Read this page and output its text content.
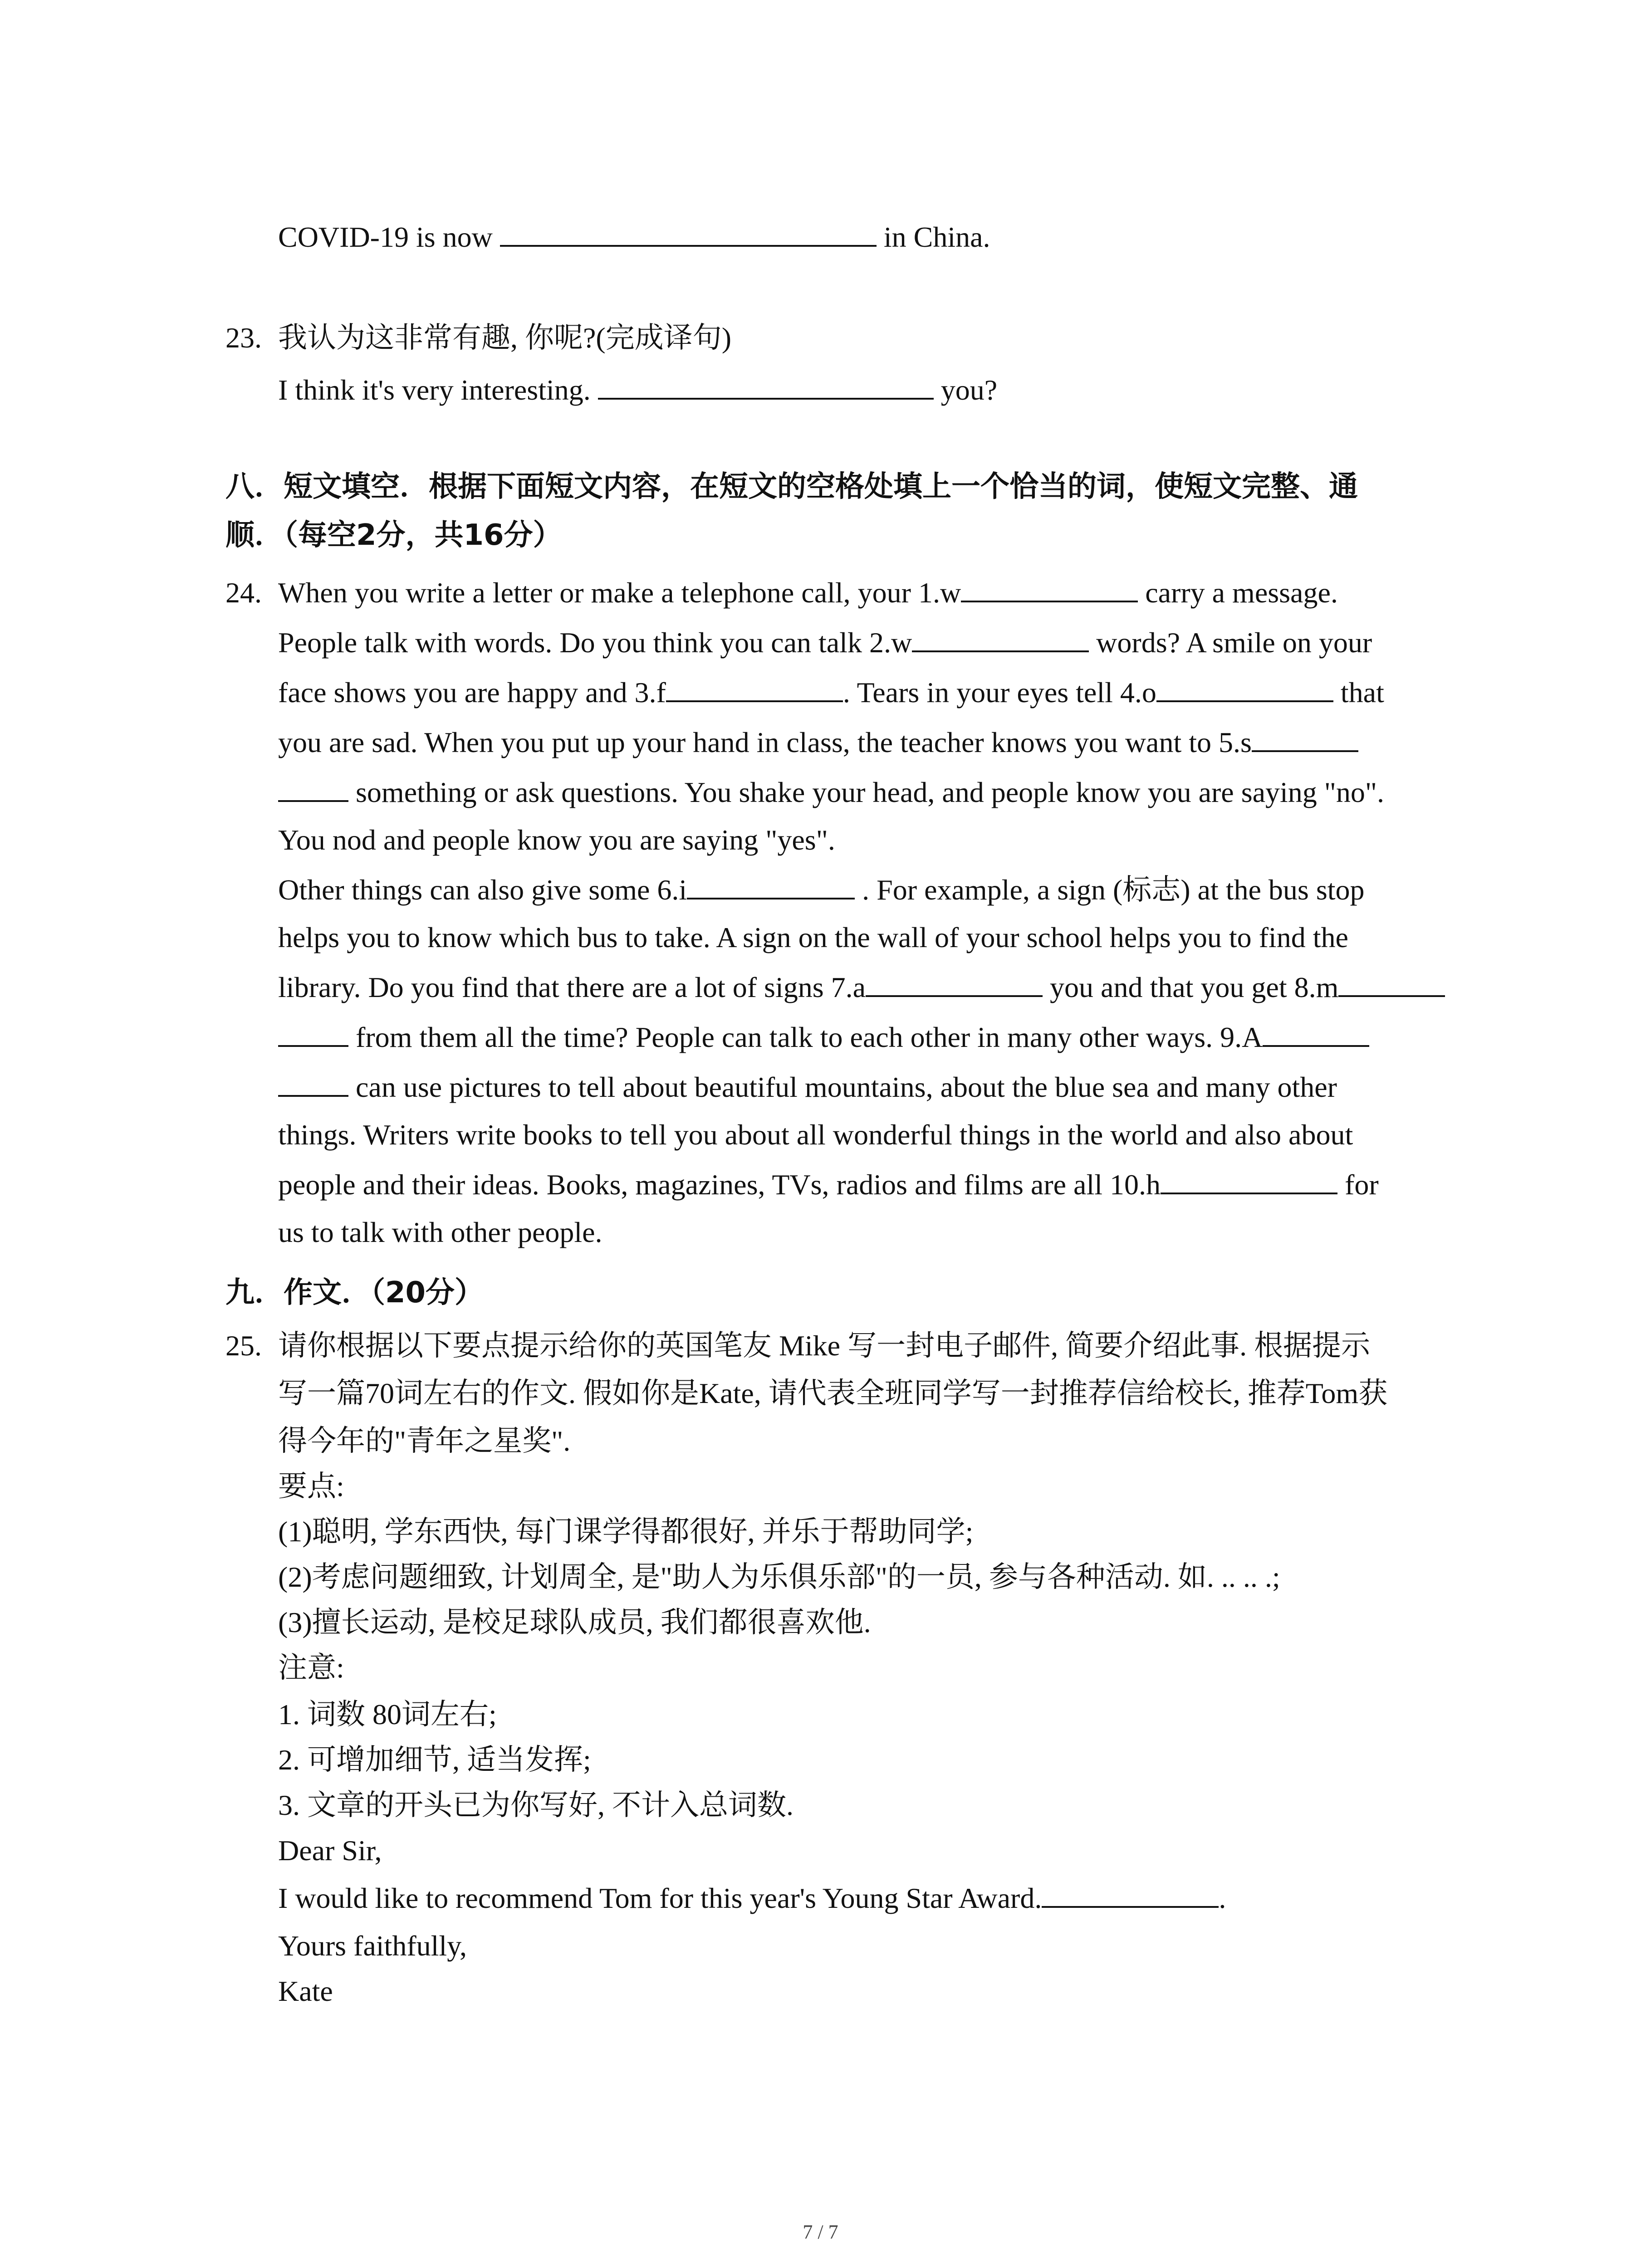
COVID-19 is now	in China.
23. 我认为这非常有趣, 你呢?(完成译句)
I think it's very interesting.	you?
八．短文填空．根据下面短文内容，在短文的空格处填上一个恰当的词，使短文完整、通
顺．（每空2分，共16分）
24. When you write a letter or make a telephone call, your 1.w	carry a message.
People talk with words. Do you think you can talk 2.w	words? A smile on your
face shows you are happy and 3.f	. Tears in your eyes tell 4.o	that
you are sad. When you put up your hand in class, the teacher knows you want to 5.s
something or ask questions. You shake your head, and people know you are saying "no".
You nod and people know you are saying "yes".
Other things can also give some 6.i	. For example, a sign (标志) at the bus stop
helps you to know which bus to take. A sign on the wall of your school helps you to find the
library. Do you find that there are a lot of signs 7.a	you and that you get 8.m
from them all the time? People can talk to each other in many other ways. 9.A
can use pictures to tell about beautiful mountains, about the blue sea and many other
things. Writers write books to tell you about all wonderful things in the world and also about
people and their ideas. Books, magazines, TVs, radios and films are all 10.h	for
us to talk with other people.
九．作文．（20分）
25. 请你根据以下要点提示给你的英国笔友 Mike 写一封电子邮件, 简要介绍此事. 根据提示
写一篇70词左右的作文. 假如你是Kate, 请代表全班同学写一封推荐信给校长, 推荐Tom获
得今年的"青年之星奖".
要点:
(1)聪明, 学东西快, 每门课学得都很好, 并乐于帮助同学;
(2)考虑问题细致, 计划周全, 是"助人为乐俱乐部"的一员, 参与各种活动. 如. .. .. .;
(3)擅长运动, 是校足球队成员, 我们都很喜欢他.
注意:
1. 词数 80词左右;
2. 可增加细节, 适当发挥;
3. 文章的开头已为你写好, 不计入总词数.
Dear Sir,
I would like to recommend Tom for this year's Young Star Award.	.
Yours faithfully,
Kate
7 / 7
